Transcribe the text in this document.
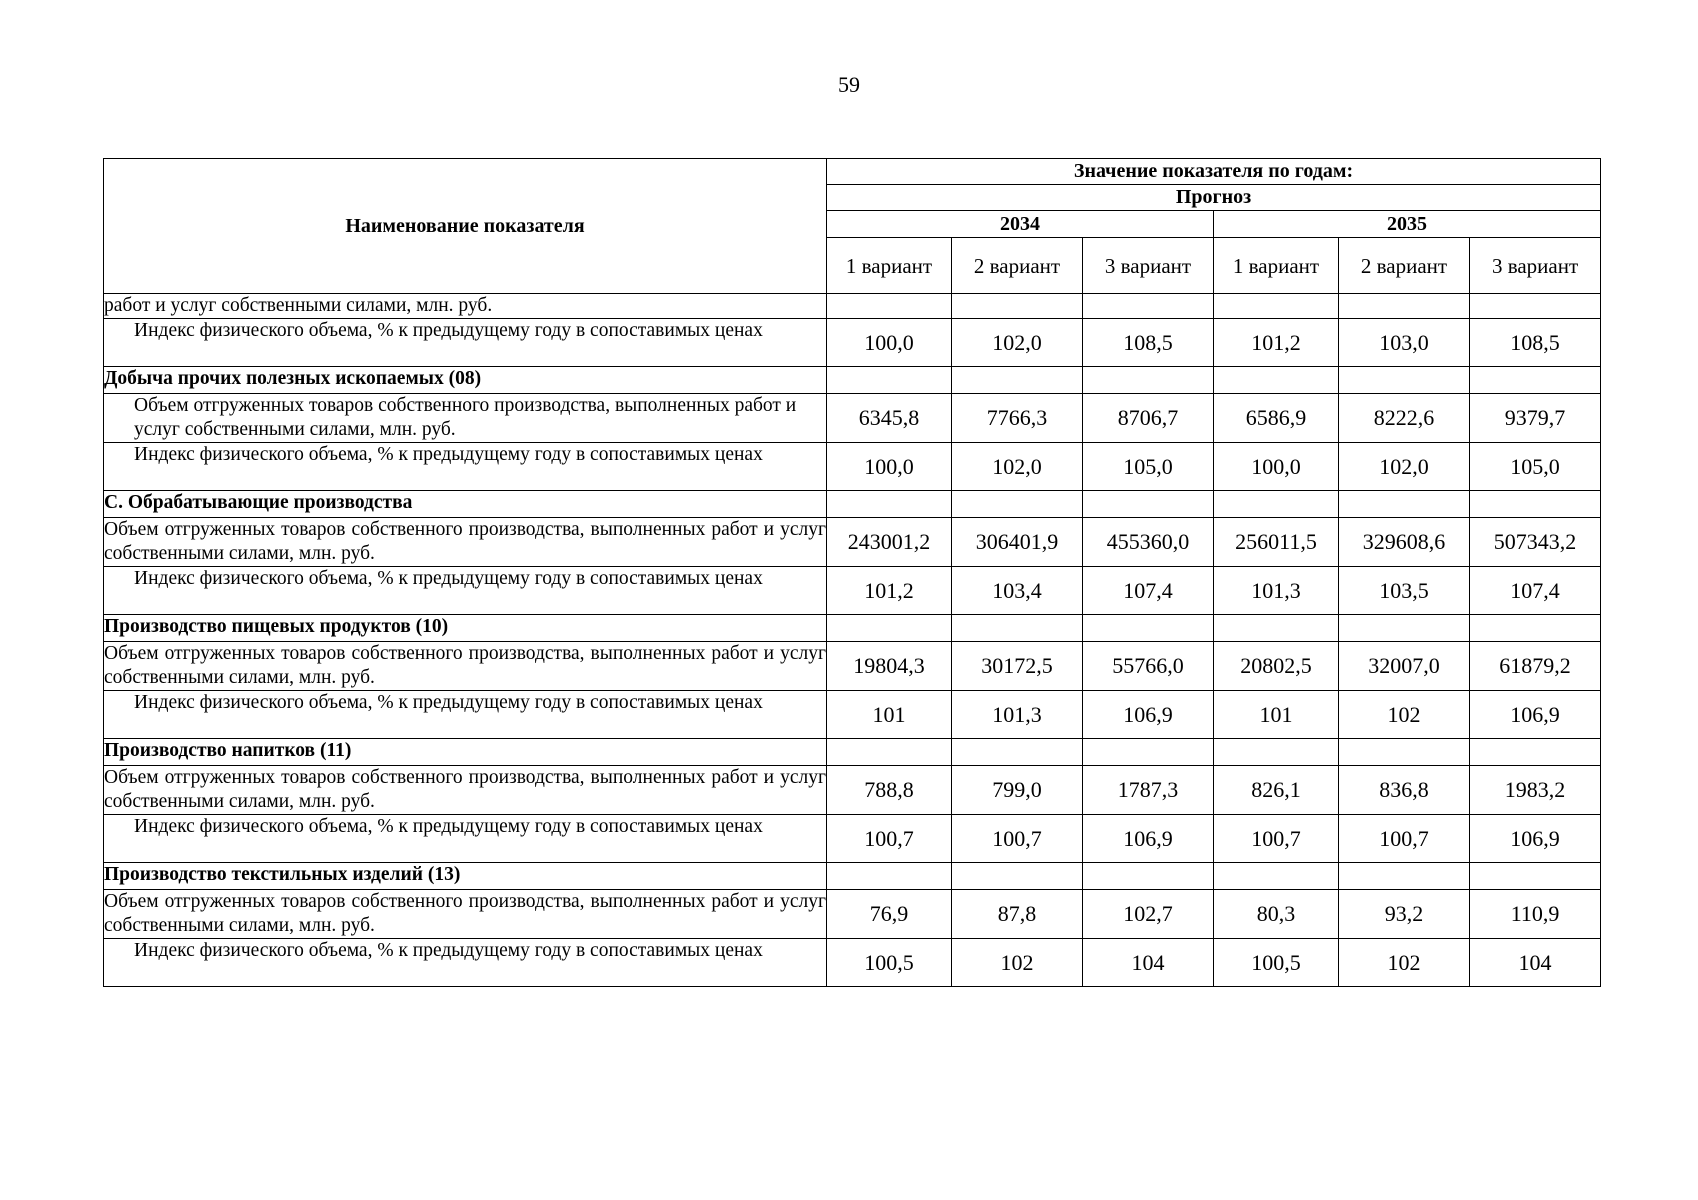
59
Наименование показателя	Значение показателя по годам:					
	Прогноз					
	2034			2035		
	1 вариант	2 вариант	3 вариант	1 вариант	2 вариант	3 вариант
работ и услуг собственными силами, млн. руб.						
Индекс физического объема, % к предыдущему году в сопоставимых ценах	100,0	102,0	108,5	101,2	103,0	108,5
Добыча прочих полезных ископаемых (08)						
Объем отгруженных товаров собственного производства, выполненных работ и услуг собственными силами, млн. руб.	6345,8	7766,3	8706,7	6586,9	8222,6	9379,7
Индекс физического объема, % к предыдущему году в сопоставимых ценах	100,0	102,0	105,0	100,0	102,0	105,0
C. Обрабатывающие производства						
Объем отгруженных товаров собственного производства, выполненных работ и услуг собственными силами, млн. руб.	243001,2	306401,9	455360,0	256011,5	329608,6	507343,2
Индекс физического объема, % к предыдущему году в сопоставимых ценах	101,2	103,4	107,4	101,3	103,5	107,4
Производство пищевых продуктов (10)						
Объем отгруженных товаров собственного производства, выполненных работ и услуг собственными силами, млн. руб.	19804,3	30172,5	55766,0	20802,5	32007,0	61879,2
Индекс физического объема, % к предыдущему году в сопоставимых ценах	101	101,3	106,9	101	102	106,9
Производство напитков (11)						
Объем отгруженных товаров собственного производства, выполненных работ и услуг собственными силами, млн. руб.	788,8	799,0	1787,3	826,1	836,8	1983,2
Индекс физического объема, % к предыдущему году в сопоставимых ценах	100,7	100,7	106,9	100,7	100,7	106,9
Производство текстильных изделий (13)						
Объем отгруженных товаров собственного производства, выполненных работ и услуг собственными силами, млн. руб.	76,9	87,8	102,7	80,3	93,2	110,9
Индекс физического объема, % к предыдущему году в сопоставимых ценах	100,5	102	104	100,5	102	104
